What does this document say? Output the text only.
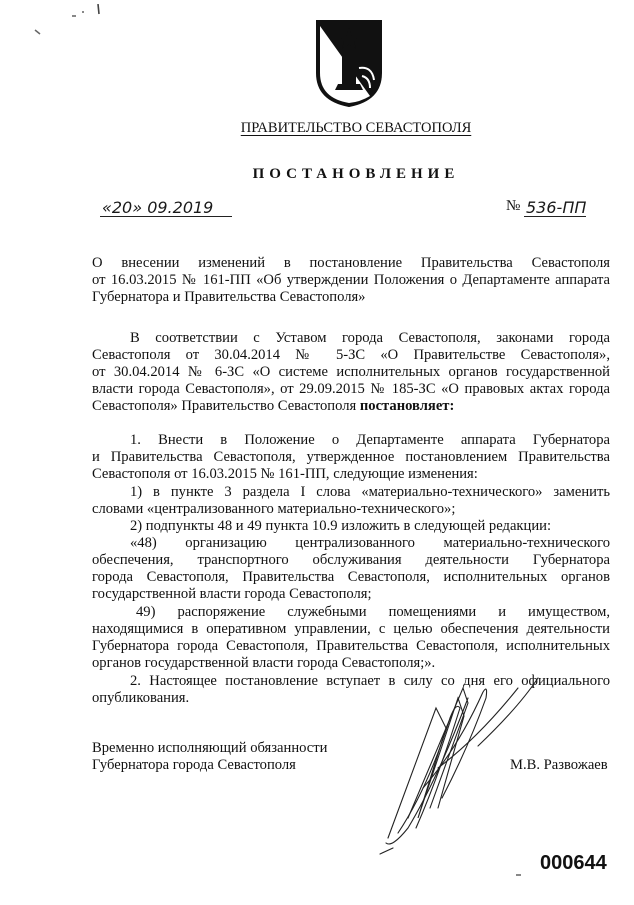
ПРАВИТЕЛЬСТВО СЕВАСТОПОЛЯ
ПОСТАНОВЛЕНИЕ
«20» 09.2019	№ 536-ПП
О внесении изменений в постановление Правительства Севастополя
от 16.03.2015 № 161-ПП «Об утверждении Положения о Департаменте аппарата
Губернатора и Правительства Севастополя»
В соответствии с Уставом города Севастополя, законами города
Севастополя от 30.04.2014 № 5-ЗС «О Правительстве Севастополя»,
от 30.04.2014 № 6-ЗС «О системе исполнительных органов государственной
власти города Севастополя», от 29.09.2015 № 185-ЗС «О правовых актах города
Севастополя» Правительство Севастополя постановляет:
1. Внести в Положение о Департаменте аппарата Губернатора
и Правительства Севастополя, утвержденное постановлением Правительства
Севастополя от 16.03.2015 № 161-ПП, следующие изменения:
1) в пункте 3 раздела I слова «материально-технического» заменить
словами «централизованного материально-технического»;
2) подпункты 48 и 49 пункта 10.9 изложить в следующей редакции:
«48) организацию централизованного материально-технического
обеспечения, транспортного обслуживания деятельности Губернатора
города Севастополя, Правительства Севастополя, исполнительных органов
государственной власти города Севастополя;
49) распоряжение служебными помещениями и имуществом,
находящимися в оперативном управлении, с целью обеспечения деятельности
Губернатора города Севастополя, Правительства Севастополя, исполнительных
органов государственной власти города Севастополя;».
2. Настоящее постановление вступает в силу со дня его официального
опубликования.
Временно исполняющий обязанности
Губернатора города Севастополя	М.В. Развожаев
000644
